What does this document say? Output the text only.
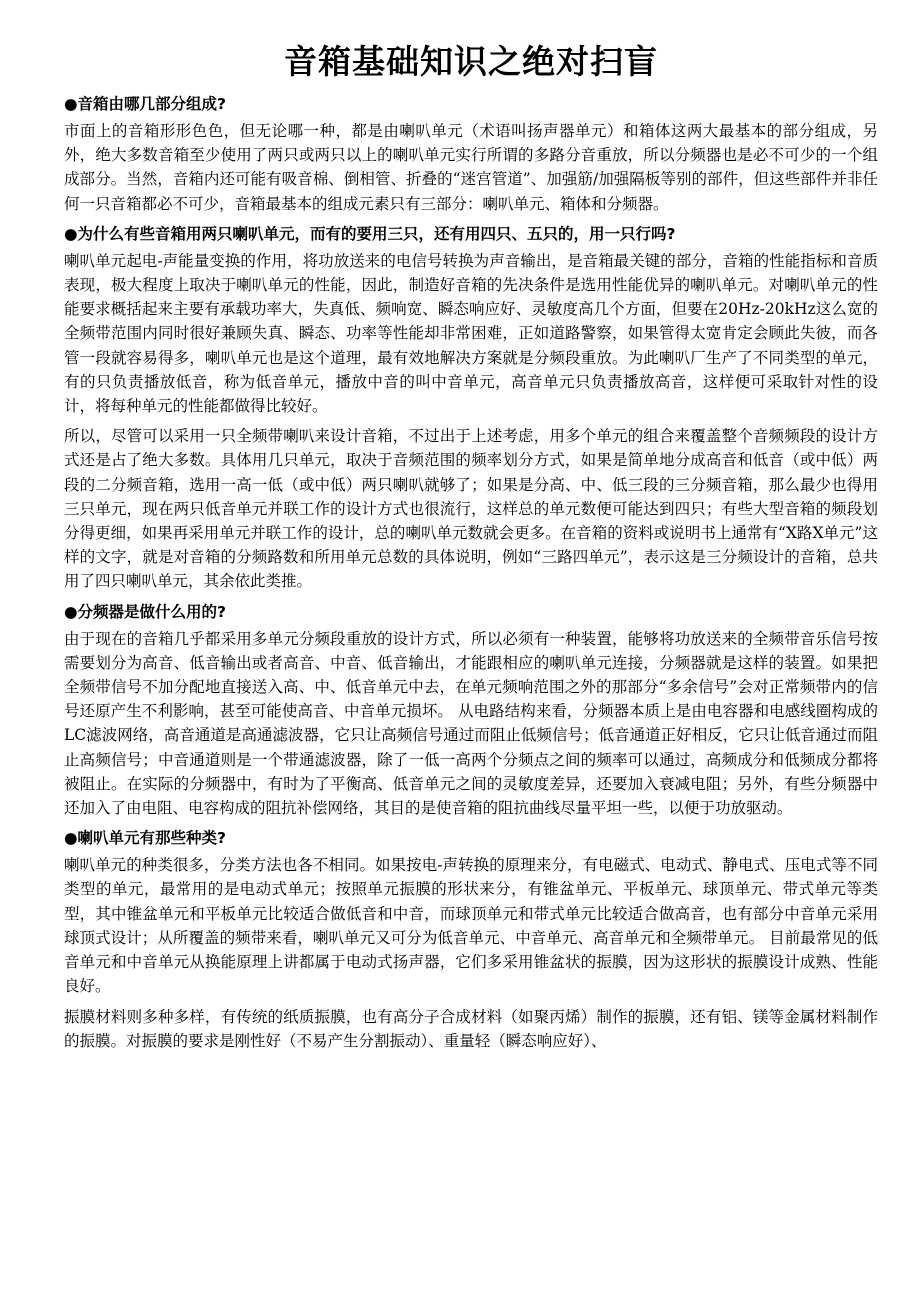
音箱基础知识之绝对扫盲
●音箱由哪几部分组成?

市面上的音箱形形色色，但无论哪一种，都是由喇叭单元（术语叫扬声器单元）和箱体这两大最基本的部分组成，另外，绝大多数音箱至少使用了两只或两只以上的喇叭单元实行所谓的多路分音重放，所以分频器也是必不可少的一个组成部分。当然，音箱内还可能有吸音棉、倒相管、折叠的“迷宫管道”、加强筋/加强隔板等别的部件，但这些部件并非任何一只音箱都必不可少，音箱最基本的组成元素只有三部分：喇叭单元、箱体和分频器。

●为什么有些音箱用两只喇叭单元，而有的要用三只，还有用四只、五只的，用一只行吗?

喇叭单元起电-声能量变换的作用，将功放送来的电信号转换为声音输出，是音箱最关键的部分，音箱的性能指标和音质表现，极大程度上取决于喇叭单元的性能，因此，制造好音箱的先决条件是选用性能优异的喇叭单元。对喇叭单元的性能要求概括起来主要有承载功率大，失真低、频响宽、瞬态响应好、灵敏度高几个方面，但要在20Hz-20kHz这么宽的全频带范围内同时很好兼顾失真、瞬态、功率等性能却非常困难，正如道路警察，如果管得太宽肯定会顾此失彼，而各管一段就容易得多，喇叭单元也是这个道理，最有效地解决方案就是分频段重放。为此喇叭厂生产了不同类型的单元，有的只负责播放低音，称为低音单元，播放中音的叫中音单元，高音单元只负责播放高音，这样便可采取针对性的设计，将每种单元的性能都做得比较好。

所以，尽管可以采用一只全频带喇叭来设计音箱，不过出于上述考虑，用多个单元的组合来覆盖整个音频频段的设计方式还是占了绝大多数。具体用几只单元，取决于音频范围的频率划分方式，如果是简单地分成高音和低音（或中低）两段的二分频音箱，选用一高一低（或中低）两只喇叭就够了；如果是分高、中、低三段的三分频音箱，那么最少也得用三只单元，现在两只低音单元并联工作的设计方式也很流行，这样总的单元数便可能达到四只；有些大型音箱的频段划分得更细，如果再采用单元并联工作的设计，总的喇叭单元数就会更多。在音箱的资料或说明书上通常有“X路X单元”这样的文字，就是对音箱的分频路数和所用单元总数的具体说明，例如“三路四单元”，表示这是三分频设计的音箱，总共用了四只喇叭单元，其余依此类推。

●分频器是做什么用的?

由于现在的音箱几乎都采用多单元分频段重放的设计方式，所以必须有一种装置，能够将功放送来的全频带音乐信号按需要划分为高音、低音输出或者高音、中音、低音输出，才能跟相应的喇叭单元连接，分频器就是这样的装置。如果把全频带信号不加分配地直接送入高、中、低音单元中去，在单元频响范围之外的那部分“多余信号”会对正常频带内的信号还原产生不利影响，甚至可能使高音、中音单元损坏。 从电路结构来看，分频器本质上是由电容器和电感线圈构成的LC滤波网络，高音通道是高通滤波器，它只让高频信号通过而阻止低频信号；低音通道正好相反，它只让低音通过而阻止高频信号；中音通道则是一个带通滤波器，除了一低一高两个分频点之间的频率可以通过，高频成分和低频成分都将被阻止。在实际的分频器中，有时为了平衡高、低音单元之间的灵敏度差异，还要加入衰减电阻；另外，有些分频器中还加入了由电阻、电容构成的阻抗补偿网络，其目的是使音箱的阻抗曲线尽量平坦一些，以便于功放驱动。

●喇叭单元有那些种类?

喇叭单元的种类很多，分类方法也各不相同。如果按电-声转换的原理来分，有电磁式、电动式、静电式、压电式等不同类型的单元，最常用的是电动式单元；按照单元振膜的形状来分，有锥盆单元、平板单元、球顶单元、带式单元等类型，其中锥盆单元和平板单元比较适合做低音和中音，而球顶单元和带式单元比较适合做高音，也有部分中音单元采用球顶式设计；从所覆盖的频带来看，喇叭单元又可分为低音单元、中音单元、高音单元和全频带单元。 目前最常见的低音单元和中音单元从换能原理上讲都属于电动式扬声器，它们多采用锥盆状的振膜，因为这形状的振膜设计成熟、性能良好。

振膜材料则多种多样，有传统的纸质振膜，也有高分子合成材料（如聚丙烯）制作的振膜，还有铝、镁等金属材料制作的振膜。对振膜的要求是刚性好（不易产生分割振动）、重量轻（瞬态响应好）、
